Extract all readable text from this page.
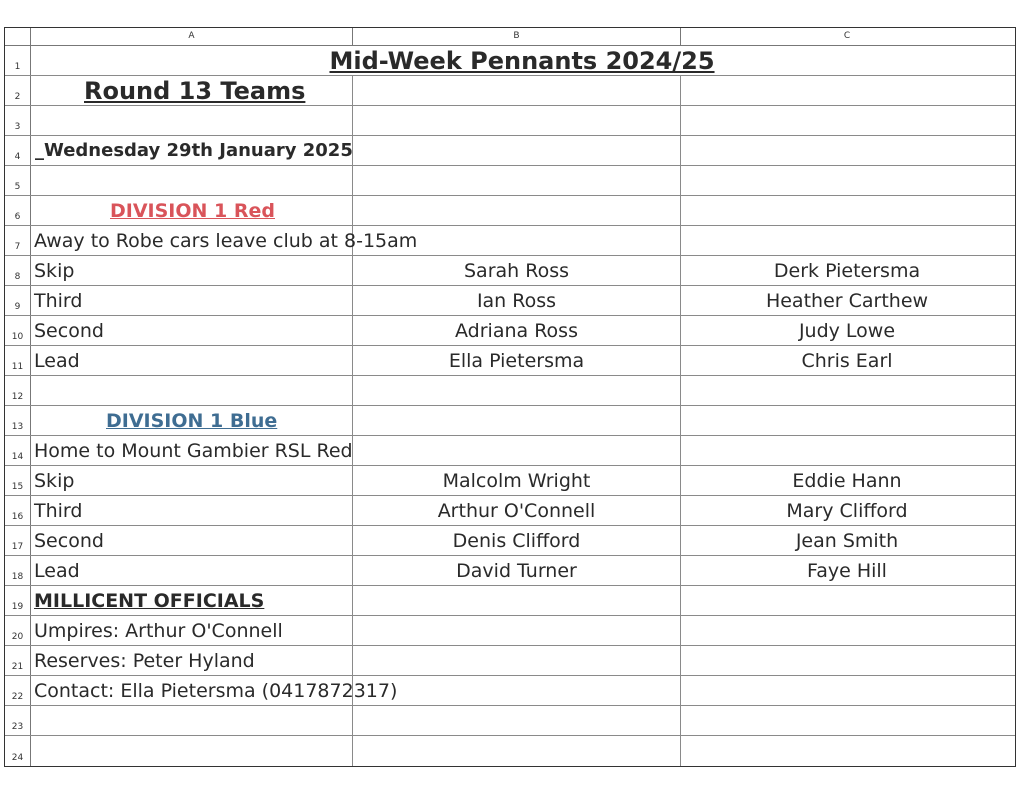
A	B	C
1	Mid-Week Pennants 2024/25
2	Round 13 Teams
3
4 _Wednesday 29th January 2025
5
6	DIVISION 1 Red
7 Away to Robe cars leave club at 8-15am
8 Skip	Sarah Ross	Derk Pietersma
9 Third	Ian Ross	Heather Carthew
10 Second	Adriana Ross	Judy Lowe
11 Lead	Ella Pietersma	Chris Earl
12
13	DIVISION 1 Blue
14 Home to Mount Gambier RSL Red
15 Skip	Malcolm Wright	Eddie Hann
16 Third	Arthur O'Connell	Mary Clifford
17 Second	Denis Clifford	Jean Smith
18 Lead	David Turner	Faye Hill
19 MILLICENT OFFICIALS
20 Umpires: Arthur O'Connell
21 Reserves: Peter Hyland
22 Contact: Ella Pietersma (0417872317)
23
24
